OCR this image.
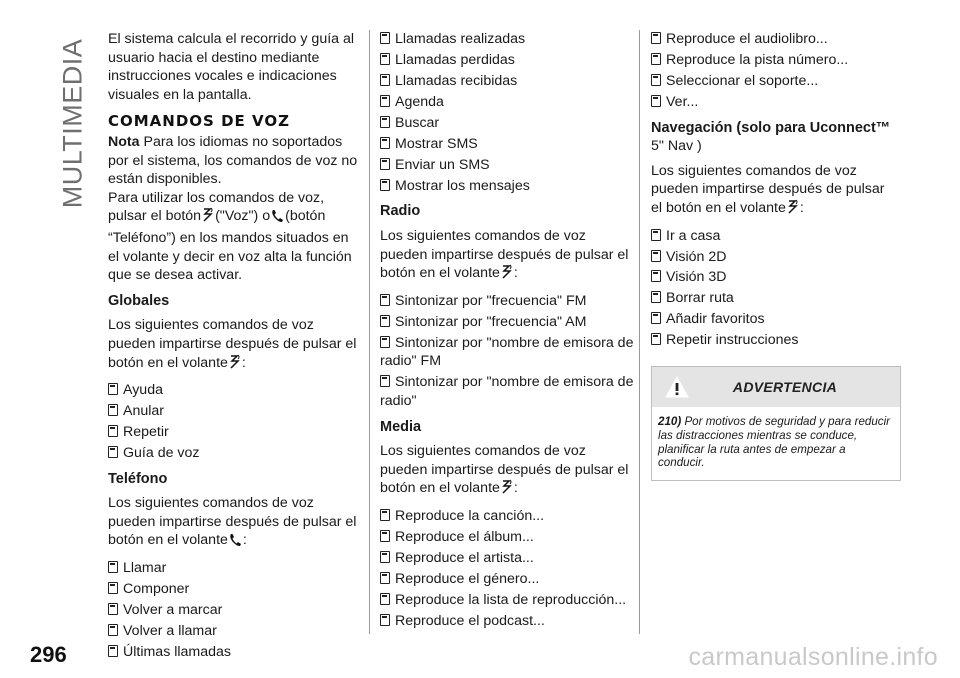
MULTIMEDIA
296	carmanualsonline.info

El sistema calcula el recorrido y guía al usuario hacia el destino mediante instrucciones vocales e indicaciones visuales en la pantalla.

COMANDOS DE VOZ

Nota Para los idiomas no soportados por el sistema, los comandos de voz no están disponibles.

Para utilizar los comandos de voz, pulsar el botón ("Voz") o (botón “Teléfono”) en los mandos situados en el volante y decir en voz alta la función que se desea activar.

Globales

Los siguientes comandos de voz pueden impartirse después de pulsar el botón en el volante :

Ayuda
Anular
Repetir
Guía de voz
Teléfono

Los siguientes comandos de voz pueden impartirse después de pulsar el botón en el volante :

Llamar
Componer
Volver a marcar
Volver a llamar
Últimas llamadas
Llamadas realizadas
Llamadas perdidas
Llamadas recibidas
Agenda
Buscar
Mostrar SMS
Enviar un SMS
Mostrar los mensajes
Radio

Los siguientes comandos de voz pueden impartirse después de pulsar el botón en el volante :

Sintonizar por "frecuencia" FM
Sintonizar por "frecuencia" AM
Sintonizar por "nombre de emisora de radio" FM
Sintonizar por "nombre de emisora de radio"
Media

Los siguientes comandos de voz pueden impartirse después de pulsar el botón en el volante :

Reproduce la canción...
Reproduce el álbum...
Reproduce el artista...
Reproduce el género...
Reproduce la lista de reproducción...
Reproduce el podcast...
Reproduce el audiolibro...
Reproduce la pista número...
Seleccionar el soporte...
Ver...
Navegación (solo para Uconnect™

5" Nav )

Los siguientes comandos de voz pueden impartirse después de pulsar el botón en el volante :

Ir a casa
Visión 2D
Visión 3D
Borrar ruta
Añadir favoritos
Repetir instrucciones
ADVERTENCIA
210) Por motivos de seguridad y para reducir las distracciones mientras se conduce, planificar la ruta antes de empezar a conducir.
